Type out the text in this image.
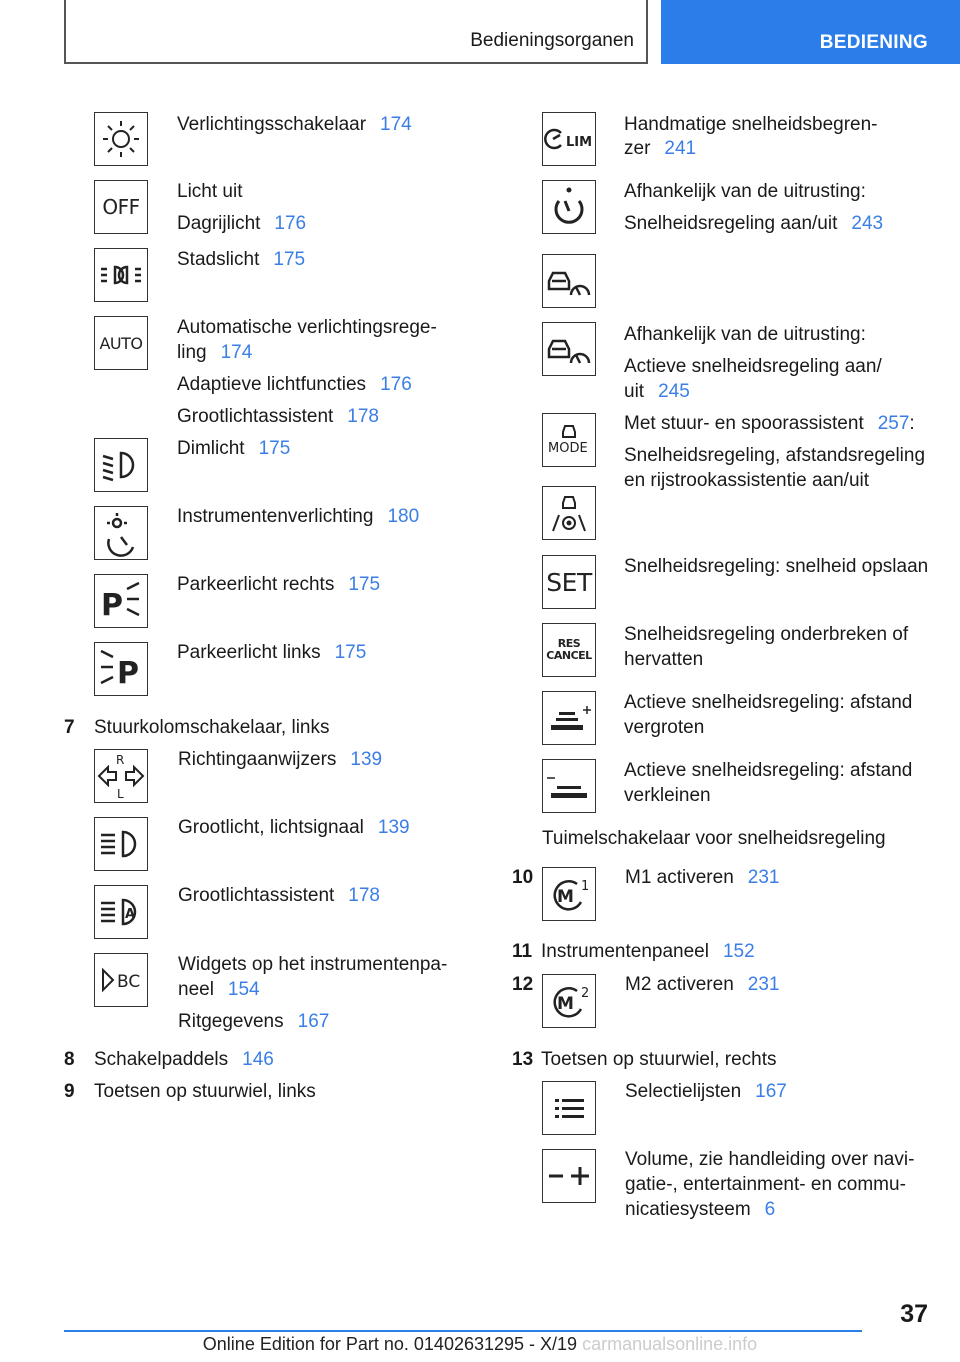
Bedieningsorganen	BEDIENING
Verlichtingsschakelaar 174
OFF
Licht uit
Dagrijlicht 176
Stadslicht 175
AUTO
Automatische verlichtingsrege-
ling 174
Adaptieve lichtfuncties 176
Grootlichtassistent 178
Dimlicht 175
Instrumentenverlichting 180
P
Parkeerlicht rechts 175
P
Parkeerlicht links 175
7 Stuurkolomschakelaar, links
R
L
Richtingaanwijzers 139
Grootlicht, lichtsignaal 139
A
Grootlichtassistent 178
BC
Widgets op het instrumentenpa-
neel 154
Ritgegevens 167
8 Schakelpaddels 146
9 Toetsen op stuurwiel, links
LIM
Handmatige snelheidsbegren-
zer 241
Afhankelijk van de uitrusting:
Snelheidsregeling aan/uit 243
Afhankelijk van de uitrusting:
Actieve snelheidsregeling aan/
uit 245
MODE
Met stuur- en spoorassistent 257:
Snelheidsregeling, afstandsregeling
en rijstrookassistentie aan/uit
SET
Snelheidsregeling: snelheid opslaan
RES
CANCEL
Snelheidsregeling onderbreken of
hervatten
Actieve snelheidsregeling: afstand
vergroten
Actieve snelheidsregeling: afstand
verkleinen
Tuimelschakelaar voor snelheidsregeling
10
M
1 M1 activeren 231
11 Instrumentenpaneel 152
12
M
2 M2 activeren 231
13 Toetsen op stuurwiel, rechts
Selectielijsten 167
Volume, zie handleiding over navi-
gatie-, entertainment- en commu-
nicatiesysteem 6
37
Online Edition for Part no. 01402631295 - X/19 carmanualsonline.info
